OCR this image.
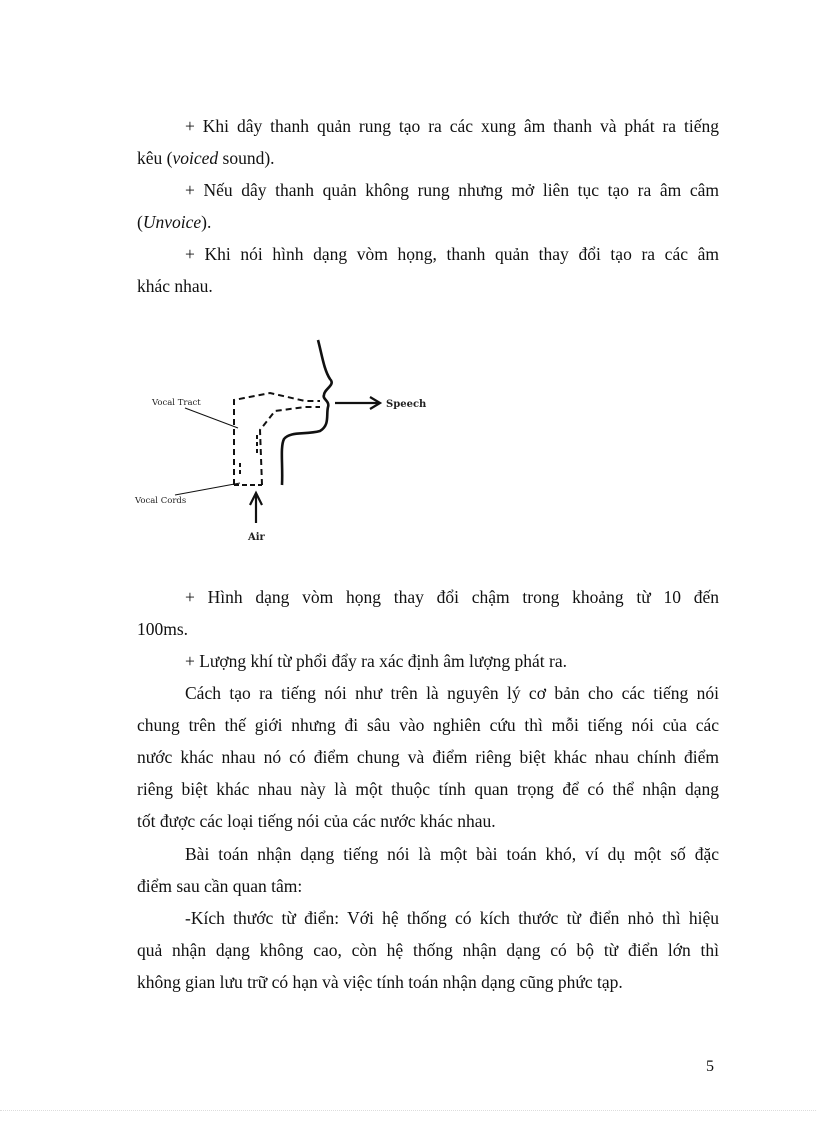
+ Khi dây thanh quản rung tạo ra các xung âm thanh và phát ra tiếng
kêu (voiced sound).

+ Nếu dây thanh quản không rung nhưng mở liên tục tạo ra âm câm
(Unvoice).

+ Khi nói hình dạng vòm họng, thanh quản thay đổi tạo ra các âm
khác nhau.

Speech
Air
Vocal Tract
Vocal Cords

+ Hình dạng vòm họng thay đổi chậm trong khoảng từ 10 đến
100ms.

+ Lượng khí từ phổi đẩy ra xác định âm lượng phát ra.

Cách tạo ra tiếng nói như trên là nguyên lý cơ bản cho các tiếng nói
chung trên thế giới nhưng đi sâu vào nghiên cứu thì mỗi tiếng nói của các
nước khác nhau nó có điểm chung và điểm riêng biệt khác nhau chính điểm
riêng biệt khác nhau này là một thuộc tính quan trọng để có thể nhận dạng
tốt được các loại tiếng nói của các nước khác nhau.

Bài toán nhận dạng tiếng nói là một bài toán khó, ví dụ một số đặc
điểm sau cần quan tâm:

-Kích thước từ điển: Với hệ thống có kích thước từ điển nhỏ thì hiệu
quả nhận dạng không cao, còn hệ thống nhận dạng có bộ từ điển lớn thì
không gian lưu trữ có hạn và việc tính toán nhận dạng cũng phức tạp.

5
